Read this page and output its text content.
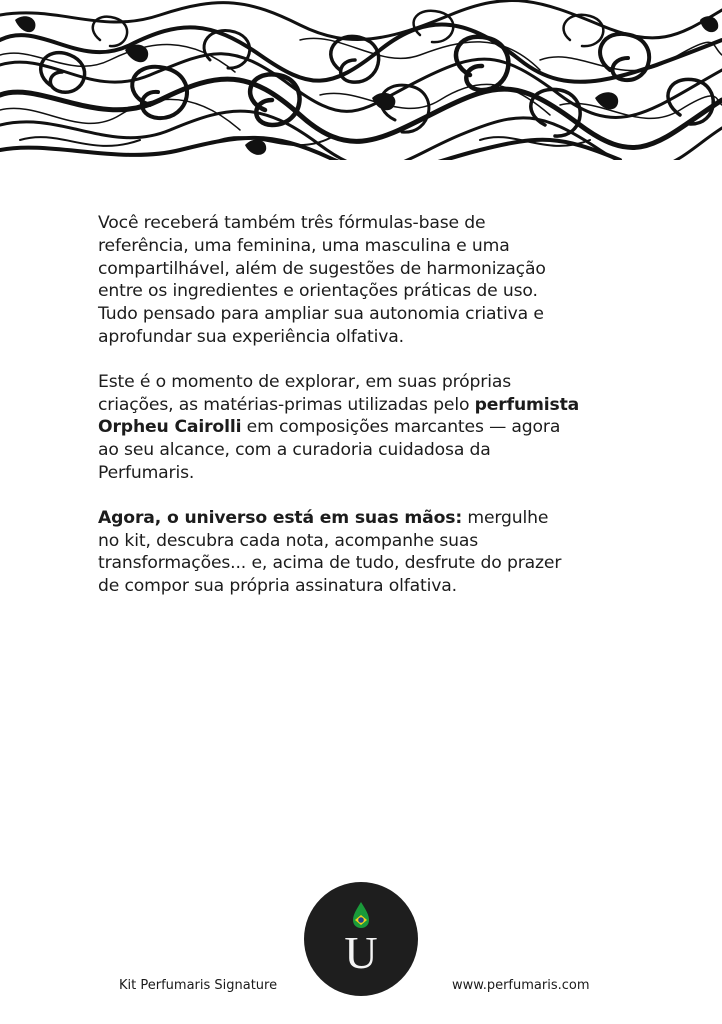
Você receberá também três fórmulas-base de
referência, uma feminina, uma masculina e uma
compartilhável, além de sugestões de harmonização
entre os ingredientes e orientações práticas de uso.
Tudo pensado para ampliar sua autonomia criativa e
aprofundar sua experiência olfativa.

Este é o momento de explorar, em suas próprias
criações, as matérias-primas utilizadas pelo perfumista
Orpheu Cairolli em composições marcantes — agora
ao seu alcance, com a curadoria cuidadosa da
Perfumaris.

Agora, o universo está em suas mãos: mergulhe
no kit, descubra cada nota, acompanhe suas
transformações... e, acima de tudo, desfrute do prazer
de compor sua própria assinatura olfativa.

U
Kit Perfumaris Signature	www.perfumaris.com
